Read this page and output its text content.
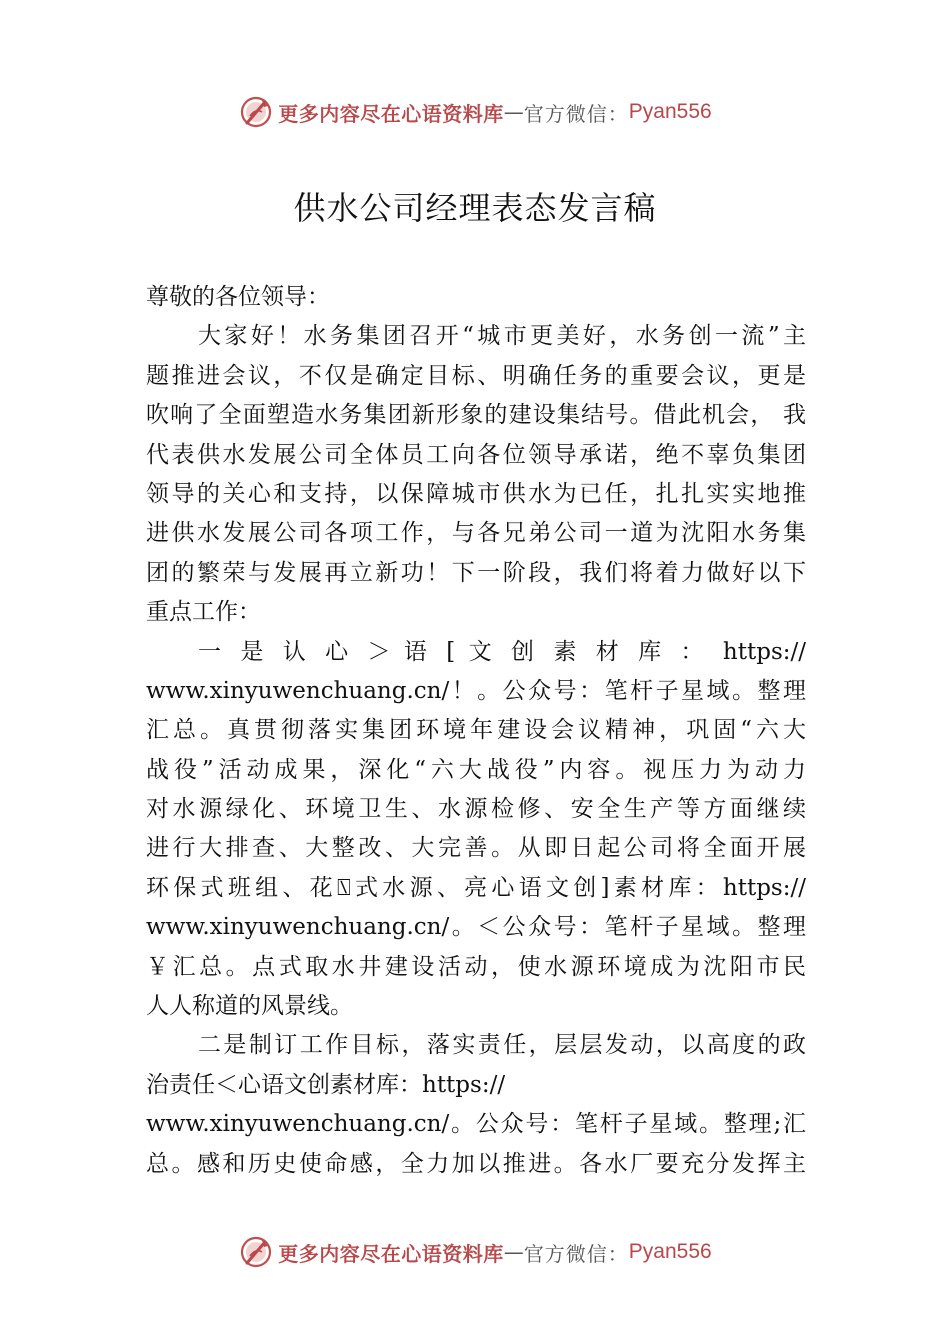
更多内容尽在心语资料库 — 官方微信： Pyan556
供水公司经理表态发言稿
尊敬的各位领导：
大家好！水务集团召开“城市更美好，水务创一流”主
题推进会议，不仅是确定目标、明确任务的重要会议，更是
吹响了全面塑造水务集团新形象的建设集结号。借此机会， 我
代表供水发展公司全体员工向各位领导承诺，绝不辜负集团
领导的关心和支持，以保障城市供水为已任，扎扎实实地推
进供水发展公司各项工作，与各兄弟公司一道为沈阳水务集
团的繁荣与发展再立新功！下一阶段，我们将着力做好以下
重点工作：
一 是 认 心 ＞ 语 [ 文 创 素 材 库 ： https://
www.xinyuwenchuang.cn/！。公众号：笔杆子星域。整理
汇总。真贯彻落实集团环境年建设会议精神，巩固“六大
战役”活动成果，深化“六大战役”内容。视压力为动力
对水源绿化、环境卫生、水源检修、安全生产等方面继续
进行大排查、大整改、大完善。从即日起公司将全面开展
环保式班组、花⍂式水源、亮心语文创]素材库：https://
www.xinyuwenchuang.cn/。＜公众号：笔杆子星域。整理
￥汇总。点式取水井建设活动，使水源环境成为沈阳市民
人人称道的风景线。
二是制订工作目标，落实责任，层层发动，以高度的政
治责任＜心语文创素材库：https://
www.xinyuwenchuang.cn/。公众号：笔杆子星域。整理;汇
总。感和历史使命感，全力加以推进。各水厂要充分发挥主
更多内容尽在心语资料库 — 官方微信： Pyan556
